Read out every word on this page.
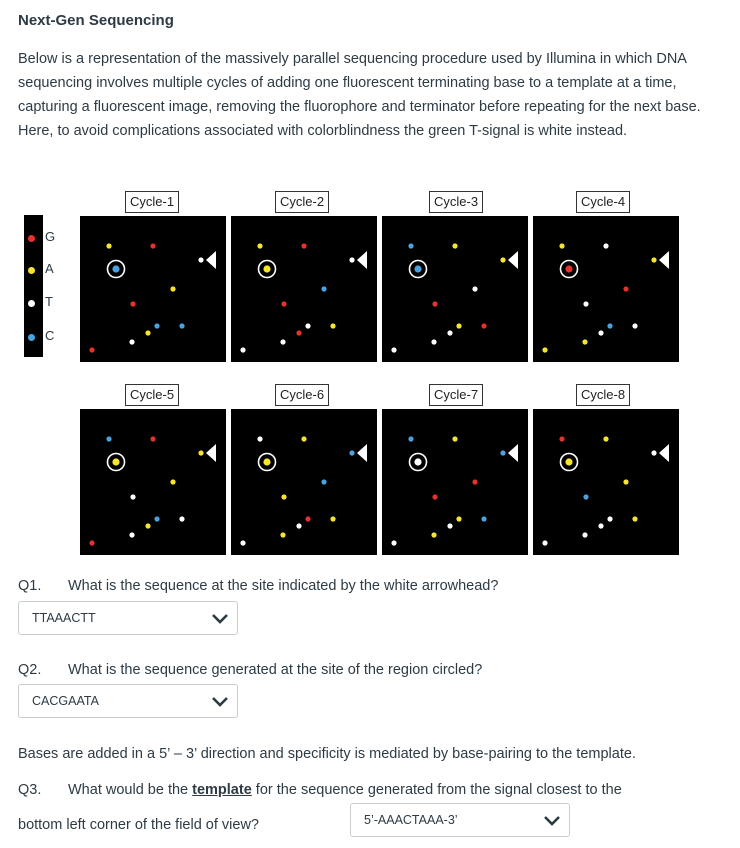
Next-Gen Sequencing

Below is a representation of the massively parallel sequencing procedure used by Illumina in which DNA sequencing involves multiple cycles of adding one fluorescent terminating base to a template at a time, capturing a fluorescent image, removing the fluorophore and terminator before repeating for the next base. Here, to avoid complications associated with colorblindness the green T-signal is white instead.

G
A
T
C
Cycle-1	Cycle-2	Cycle-3	Cycle-4
Cycle-5	Cycle-6	Cycle-7	Cycle-8
Q1. What is the sequence at the site indicated by the white arrowhead?
TTAAACTT
Q2. What is the sequence generated at the site of the region circled?
CACGAATA
Bases are added in a 5’ – 3’ direction and specificity is mediated by base-pairing to the template.
Q3. What would be the template for the sequence generated from the signal closest to the
bottom left corner of the field of view?	5’-AAACTAAA-3’
